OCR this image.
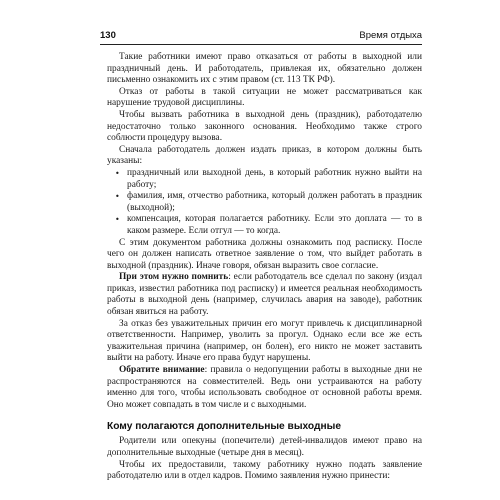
130	Время отдыха

Такие работники имеют право отказаться от работы в выходной или праздничный день. И работодатель, привлекая их, обязательно должен письменно ознакомить их с этим правом (ст. 113 ТК РФ).

Отказ от работы в такой ситуации не может рассматриваться как нарушение трудовой дисциплины.

Чтобы вызвать работника в выходной день (праздник), работодателю недостаточно только законного основания. Необходимо также строго соблюсти процедуру вызова.

Сначала работодатель должен издать приказ, в котором должны быть указаны:

• праздничный или выходной день, в который работник нужно выйти на работу;
• фамилия, имя, отчество работника, который должен работать в праздник (выходной);
• компенсация, которая полагается работнику. Если это доплата — то в каком размере. Если отгул — то когда.

С этим документом работника должны ознакомить под расписку. После чего он должен написать ответное заявление о том, что выйдет работать в выходной (праздник). Иначе говоря, обязан выразить свое согласие.

При этом нужно помнить: если работодатель все сделал по закону (издал приказ, известил работника под расписку) и имеется реальная необходимость работы в выходной день (например, случилась авария на заводе), работник обязан явиться на работу.

За отказ без уважительных причин его могут привлечь к дисциплинарной ответственности. Например, уволить за прогул. Однако если все же есть уважительная причина (например, он болен), его никто не может заставить выйти на работу. Иначе его права будут нарушены.

Обратите внимание: правила о недопущении работы в выходные дни не распространяются на совместителей. Ведь они устраиваются на работу именно для того, чтобы использовать свободное от основной работы время. Оно может совпадать в том числе и с выходными.

Кому полагаются дополнительные выходные

Родители или опекуны (попечители) детей-инвалидов имеют право на дополнительные выходные (четыре дня в месяц).

Чтобы их предоставили, такому работнику нужно подать заявление работодателю или в отдел кадров. Помимо заявления нужно принести:
